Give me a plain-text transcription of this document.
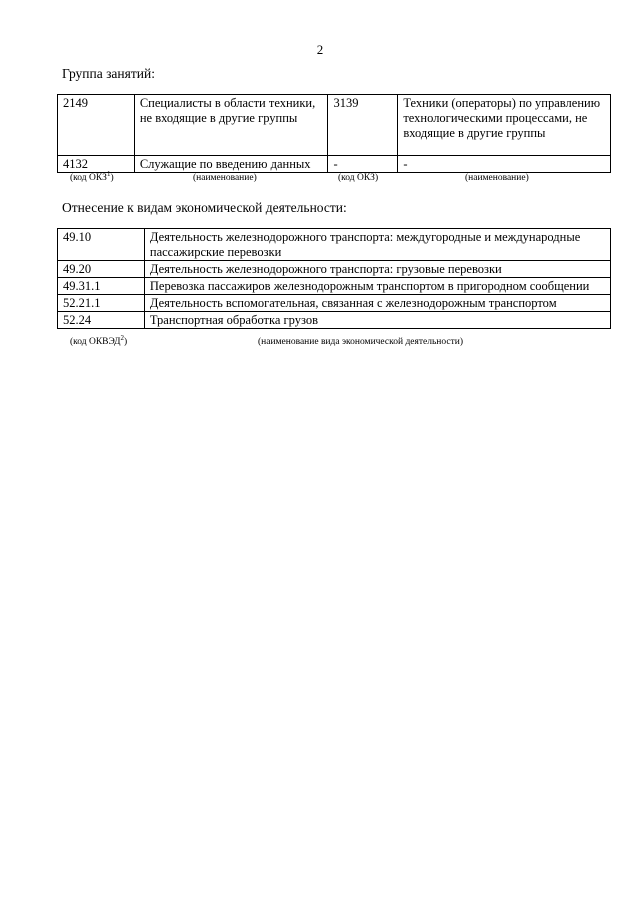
2
Группа занятий:
2149	Специалисты в области техники, не входящие в другие группы	3139	Техники (операторы) по управлению технологическими процессами, не входящие в другие группы
4132	Служащие по введению данных	-	-
(код ОКЗ$^1$)	(наименование)	(код ОКЗ)	(наименование)
Отнесение к видам экономической деятельности:
49.10	Деятельность железнодорожного транспорта: междугородные и международные пассажирские перевозки
49.20	Деятельность железнодорожного транспорта: грузовые перевозки
49.31.1	Перевозка пассажиров железнодорожным транспортом в пригородном сообщении
52.21.1	Деятельность вспомогательная, связанная с железнодорожным транспортом
52.24	Транспортная обработка грузов
(код ОКВЭД$^2$)	(наименование вида экономической деятельности)
